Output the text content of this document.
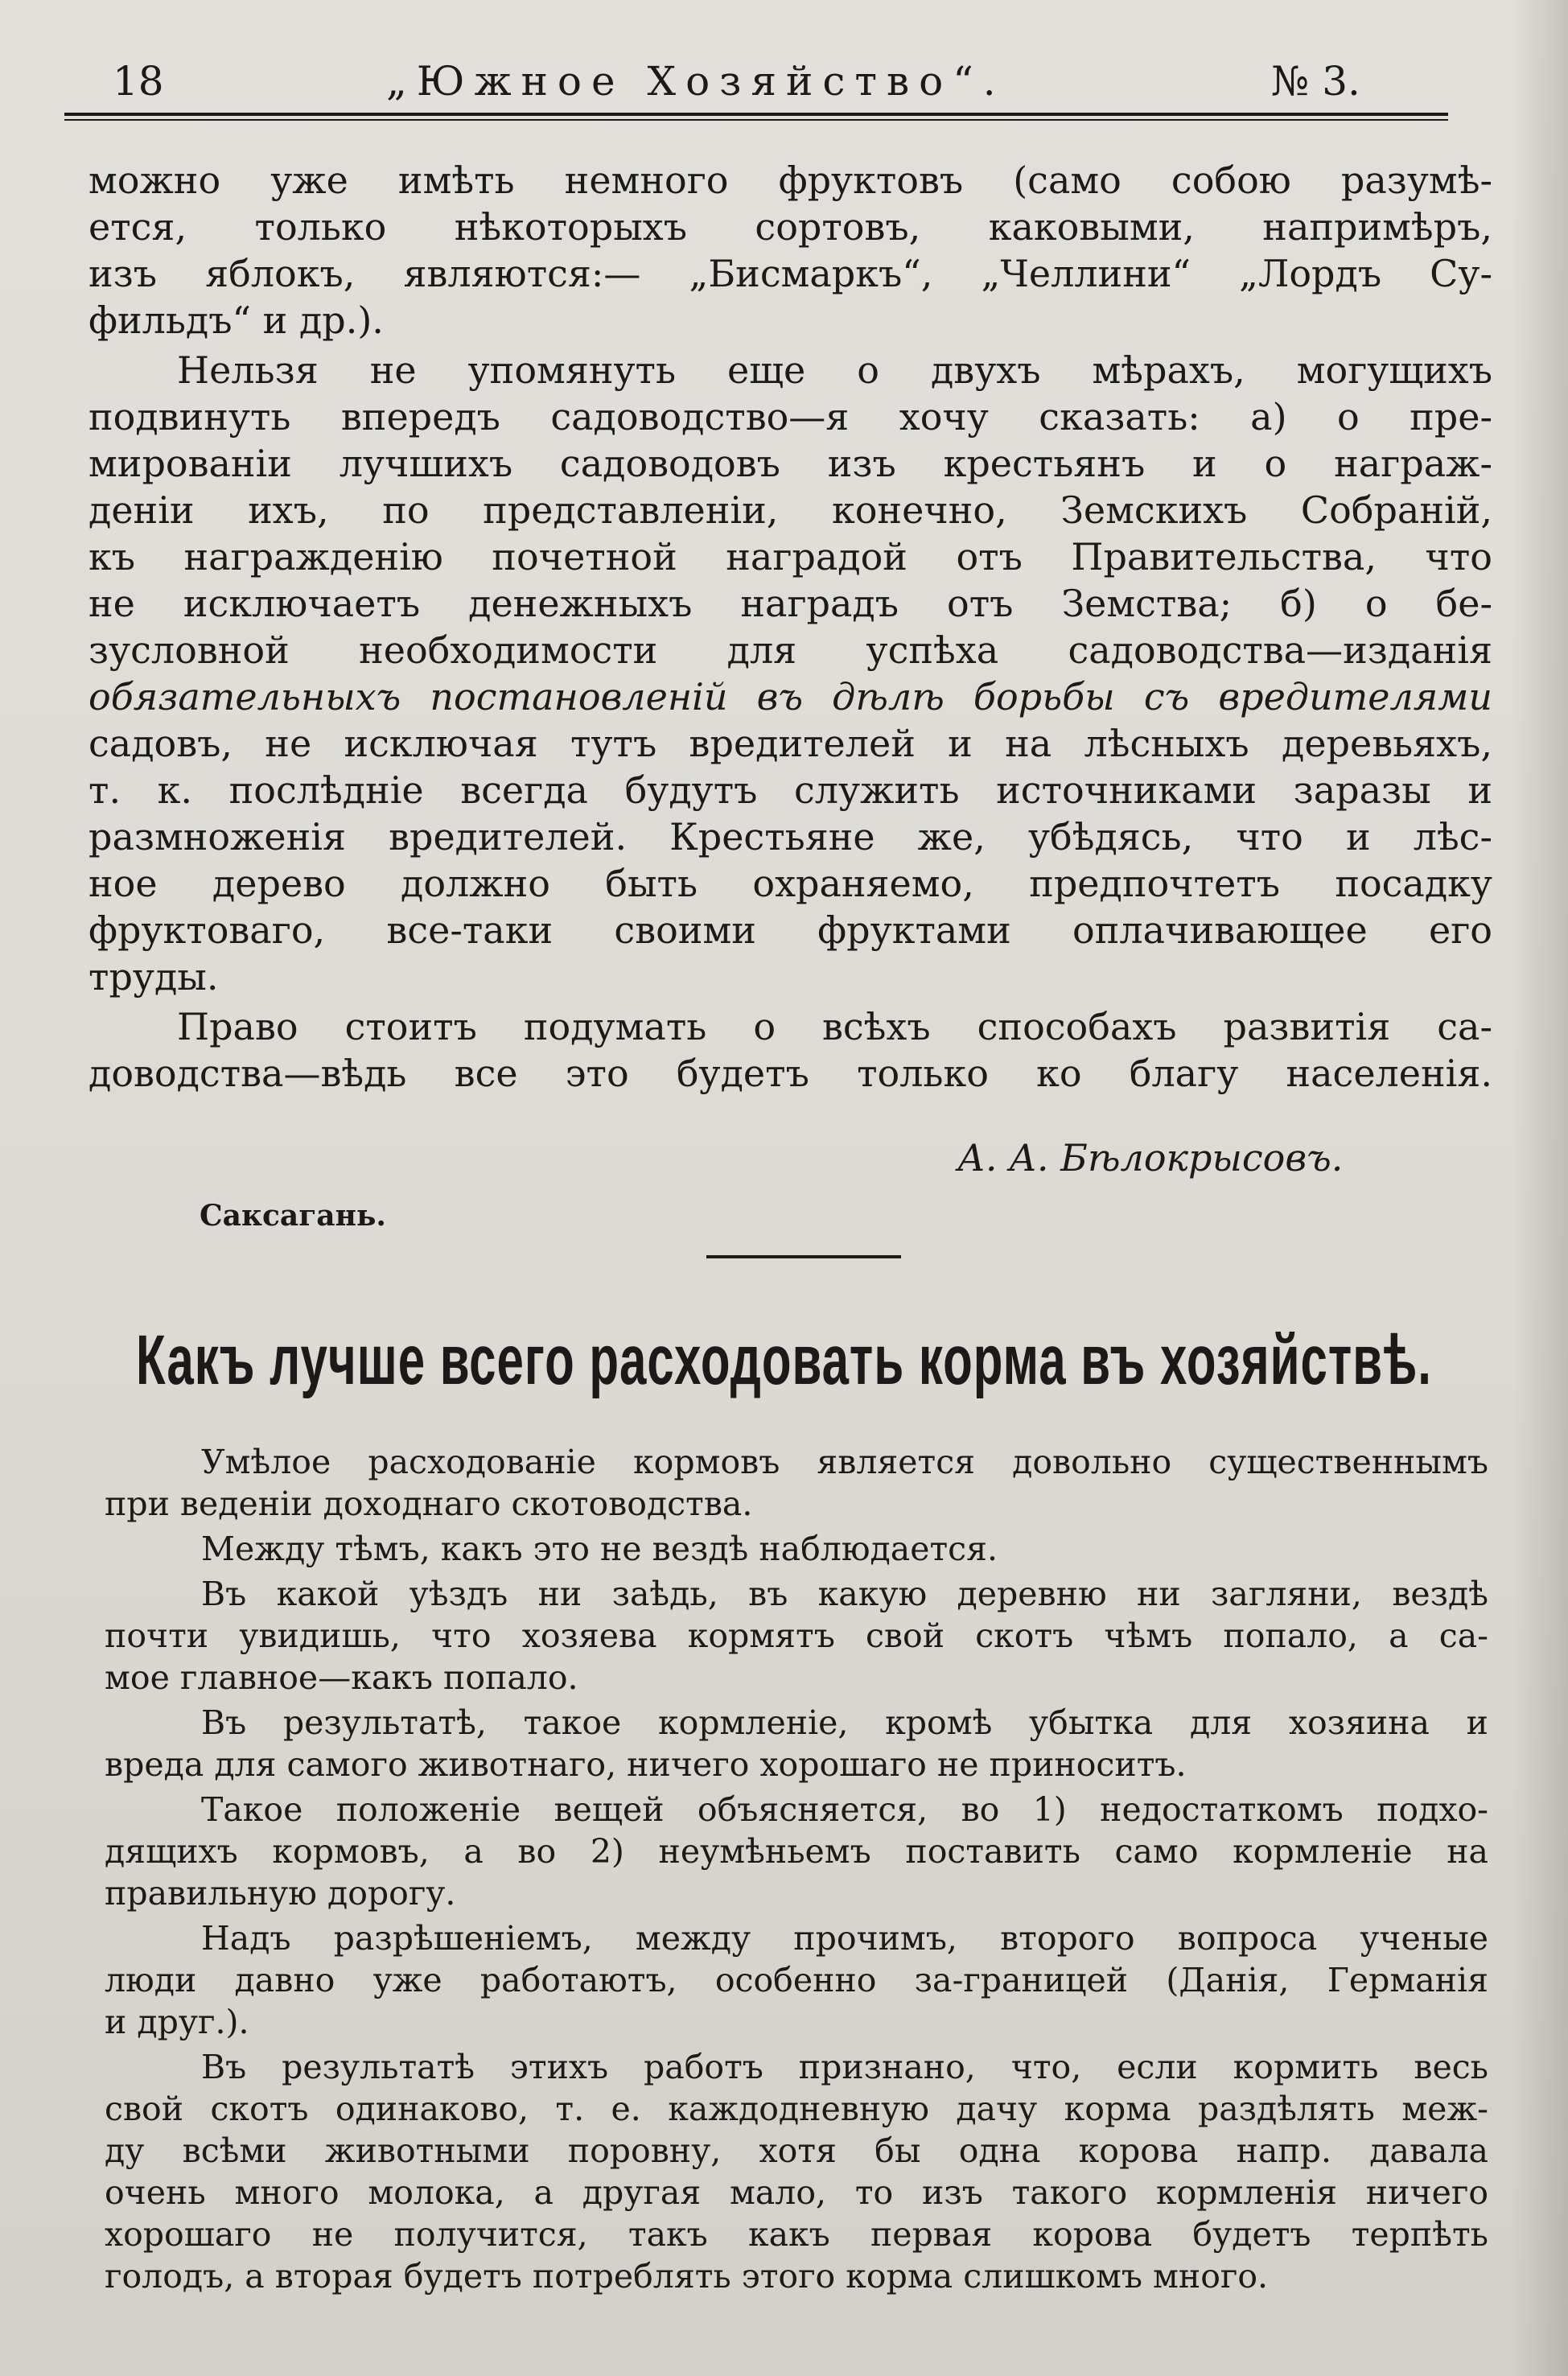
18	„Южное Хозяйство“.	№ 3.
можно уже имѣть немного фруктовъ (само собою разумѣ-
ется, только нѣкоторыхъ сортовъ, каковыми, напримѣръ,
изъ яблокъ, являются:— „Бисмаркъ“, „Челлини“ „Лордъ Су-
фильдъ“ и др.).
Нельзя не упомянуть еще о двухъ мѣрахъ, могущихъ
подвинуть впередъ садоводство—я хочу сказать: а) о пре-
мированіи лучшихъ садоводовъ изъ крестьянъ и о награж-
деніи ихъ, по представленіи, конечно, Земскихъ Собраній,
къ награжденію почетной наградой отъ Правительства, что
не исключаетъ денежныхъ наградъ отъ Земства; б) о бе-
зусловной необходимости для успѣха садоводства—изданія
обязательныхъ постановленій въ дѣлѣ борьбы съ вредителями
садовъ, не исключая тутъ вредителей и на лѣсныхъ деревьяхъ,
т. к. послѣдніе всегда будутъ служить источниками заразы и
размноженія вредителей. Крестьяне же, убѣдясь, что и лѣс-
ное дерево должно быть охраняемо, предпочтетъ посадку
фруктоваго, все-таки своими фруктами оплачивающее его
труды.
Право стоитъ подумать о всѣхъ способахъ развитія са-
доводства—вѣдь все это будетъ только ко благу населенія.
А. А. Бѣлокрысовъ.
Саксагань.
Какъ лучше всего расходовать корма въ хозяйствѣ.
Умѣлое расходованіе кормовъ является довольно существеннымъ
при веденіи доходнаго скотоводства.
Между тѣмъ, какъ это не вездѣ наблюдается.
Въ какой уѣздъ ни заѣдь, въ какую деревню ни загляни, вездѣ
почти увидишь, что хозяева кормятъ свой скотъ чѣмъ попало, а са-
мое главное—какъ попало.
Въ результатѣ, такое кормленіе, кромѣ убытка для хозяина и
вреда для самого животнаго, ничего хорошаго не приноситъ.
Такое положеніе вещей объясняется, во 1) недостаткомъ подхо-
дящихъ кормовъ, а во 2) неумѣньемъ поставить само кормленіе на
правильную дорогу.
Надъ разрѣшеніемъ, между прочимъ, второго вопроса ученые
люди давно уже работаютъ, особенно за-границей (Данія, Германія
и друг.).
Въ результатѣ этихъ работъ признано, что, если кормить весь
свой скотъ одинаково, т. е. каждодневную дачу корма раздѣлять меж-
ду всѣми животными поровну, хотя бы одна корова напр. давала
очень много молока, а другая мало, то изъ такого кормленія ничего
хорошаго не получится, такъ какъ первая корова будетъ терпѣть
голодъ, а вторая будетъ потреблять этого корма слишкомъ много.
